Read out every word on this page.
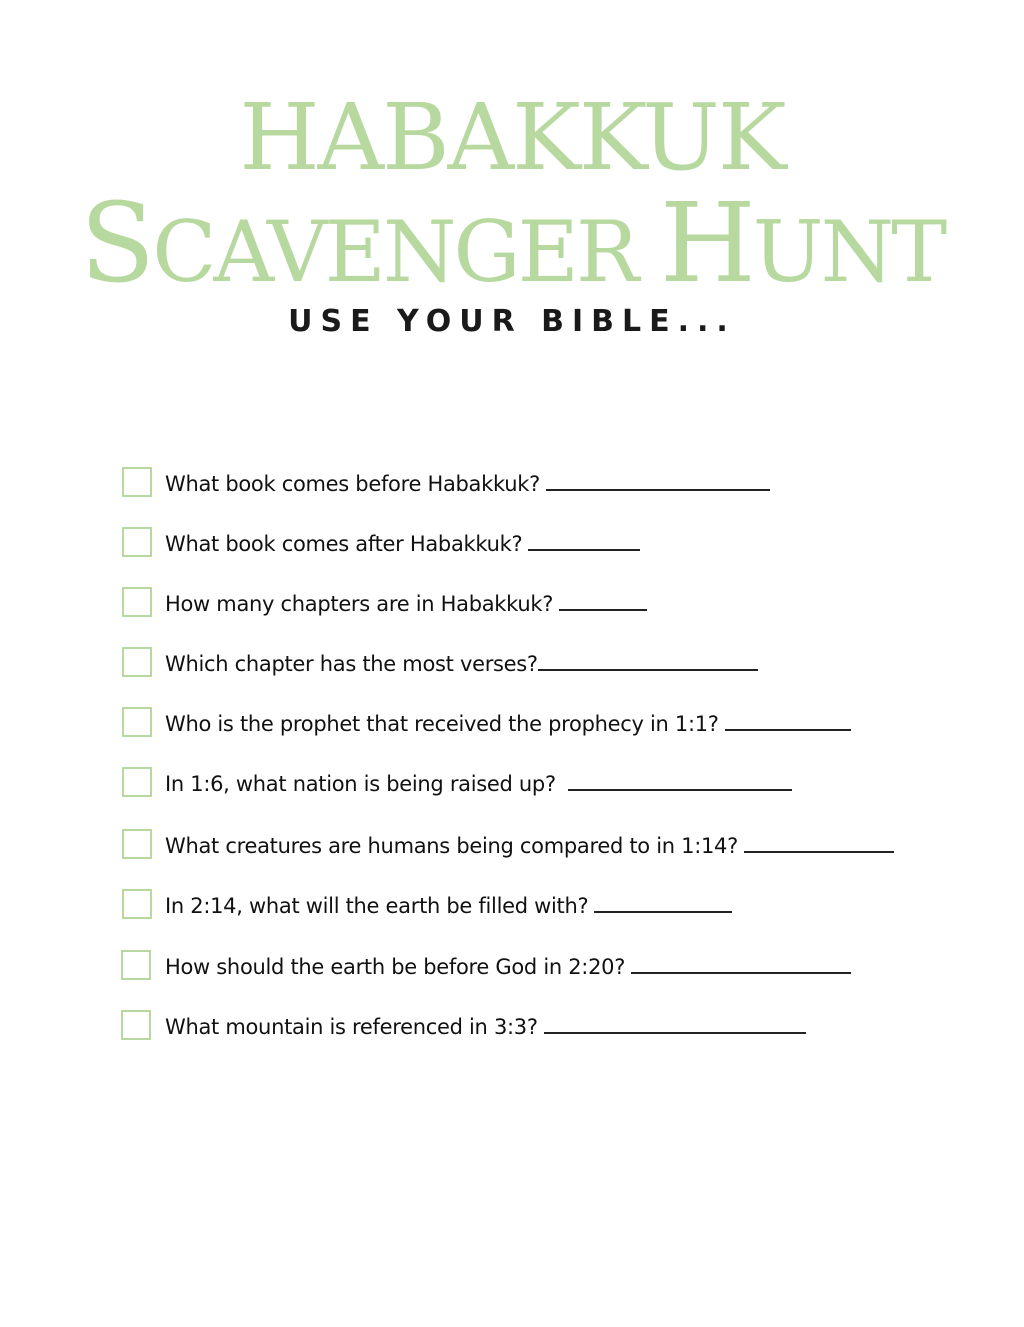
HABAKKUK
SCAVENGER HUNT
USE YOUR BIBLE...
What book comes before Habakkuk?
What book comes after Habakkuk?
How many chapters are in Habakkuk?
Which chapter has the most verses?
Who is the prophet that received the prophecy in 1:1?
In 1:6, what nation is being raised up?
What creatures are humans being compared to in 1:14?
In 2:14, what will the earth be filled with?
How should the earth be before God in 2:20?
What mountain is referenced in 3:3?
